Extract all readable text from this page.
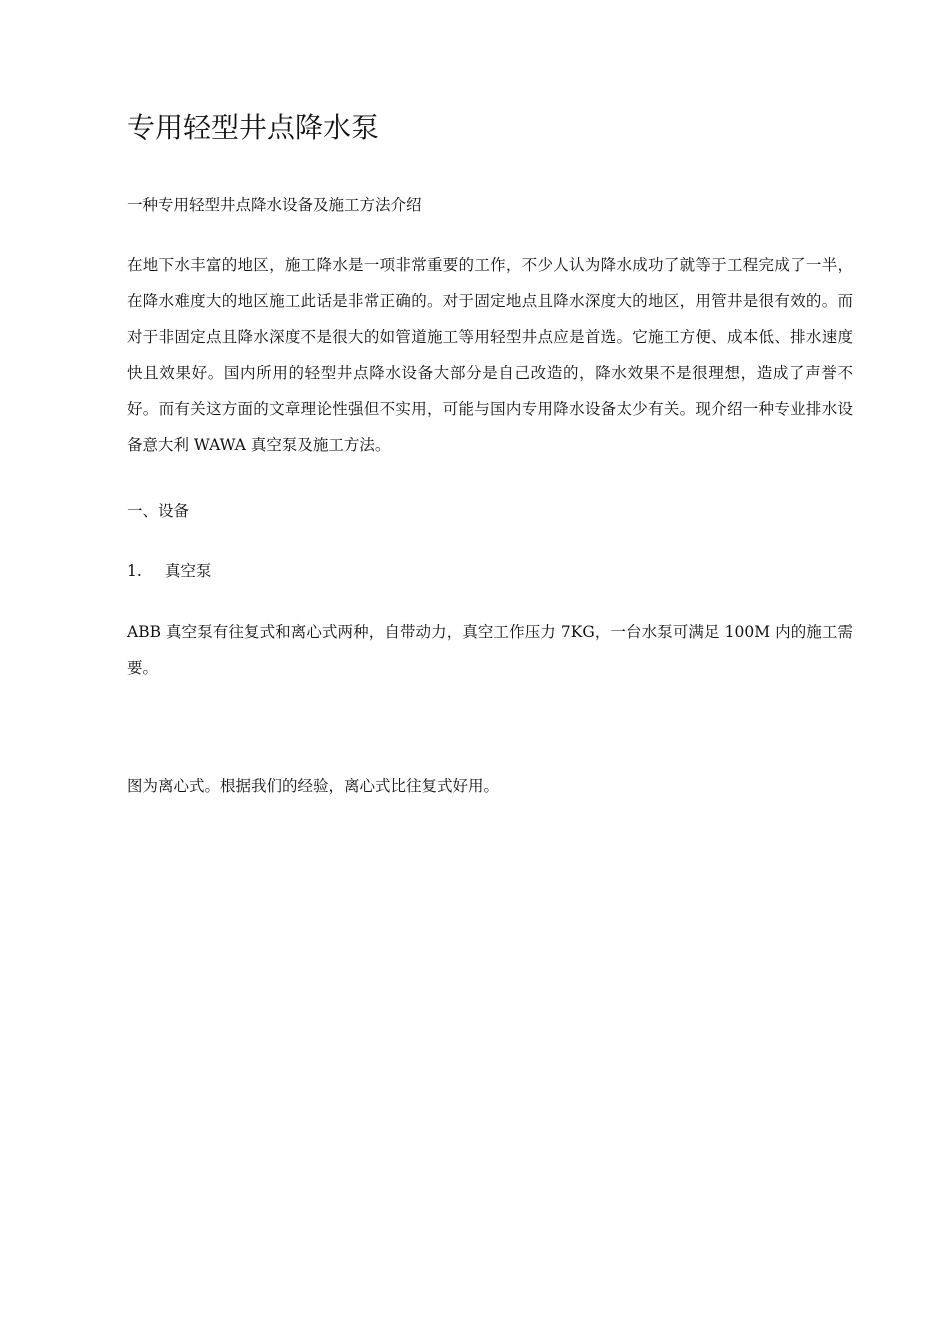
专用轻型井点降水泵
一种专用轻型井点降水设备及施工方法介绍
在地下水丰富的地区，施工降水是一项非常重要的工作，不少人认为降水成功了就等于工程完成了一半，在降水难度大的地区施工此话是非常正确的。对于固定地点且降水深度大的地区，用管井是很有效的。而对于非固定点且降水深度不是很大的如管道施工等用轻型井点应是首选。它施工方便、成本低、排水速度快且效果好。国内所用的轻型井点降水设备大部分是自己改造的，降水效果不是很理想，造成了声誉不好。而有关这方面的文章理论性强但不实用，可能与国内专用降水设备太少有关。现介绍一种专业排水设备意大利 WAWA 真空泵及施工方法。
一、设备
1. 真空泵
ABB 真空泵有往复式和离心式两种，自带动力，真空工作压力 7KG，一台水泵可满足 100M 内的施工需要。
图为离心式。根据我们的经验，离心式比往复式好用。
